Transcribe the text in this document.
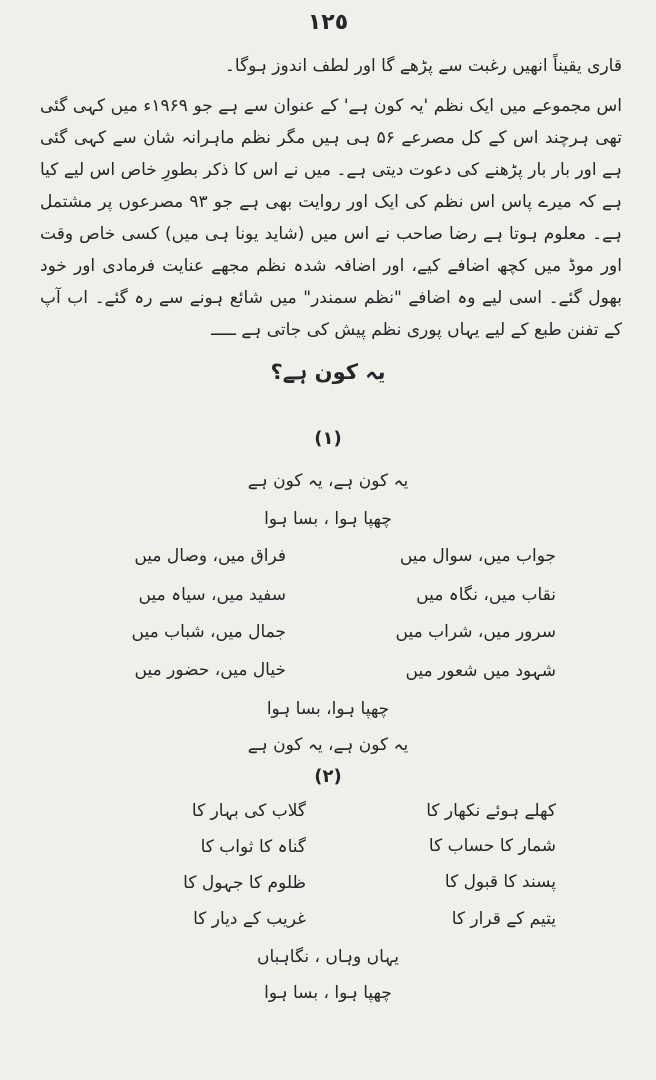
١٢٥

قاری یقیناً انھیں رغبت سے پڑھے گا اور لطف اندوز ہوگا۔

اس مجموعے میں ایک نظم 'یہ کون ہے' کے عنوان سے ہے جو ۱۹۶۹ء میں کہی گئی تھی ہرچند اس کے کل مصرعے ۵۶ ہی ہیں مگر نظم ماہرانہ شان سے کہی گئی ہے اور بار بار پڑھنے کی دعوت دیتی ہے۔ میں نے اس کا ذکر بطورِ خاص اس لیے کیا ہے کہ میرے پاس اس نظم کی ایک اور روایت بھی ہے جو ۹۳ مصرعوں پر مشتمل ہے۔ معلوم ہوتا ہے رضا صاحب نے اس میں (شاید یونا ہی میں) کسی خاص وقت اور موڈ میں کچھ اضافے کیے، اور اضافہ شدہ نظم مجھے عنایت فرمادی اور خود بھول گئے۔ اسی لیے وہ اضافے "نظم سمندر" میں شائع ہونے سے رہ گئے۔ اب آپ کے تفنن طبع کے لیے یہاں پوری نظم پیش کی جاتی ہے ـــــ

یہ کون ہے؟
(۱)
یہ کون ہے، یہ کون ہے
چھپا ہوا ، بسا ہوا
جواب میں، سوال میں
فراق میں، وصال میں
نقاب میں، نگاہ میں
سفید میں، سیاہ میں
سرور میں، شراب میں
جمال میں، شباب میں
شہود میں شعور میں
خیال میں، حضور میں
چھپا ہوا، بسا ہوا
یہ کون ہے، یہ کون ہے
(۲)
کھلے ہوئے نکھار کا
گلاب کی بہار کا
شمار کا حساب کا
گناہ کا ثواب کا
پسند کا قبول کا
ظلوم کا جہول کا
یتیم کے قرار کا
غریب کے دیار کا
یہاں وہاں ، نگاہباں
چھپا ہوا ، بسا ہوا
